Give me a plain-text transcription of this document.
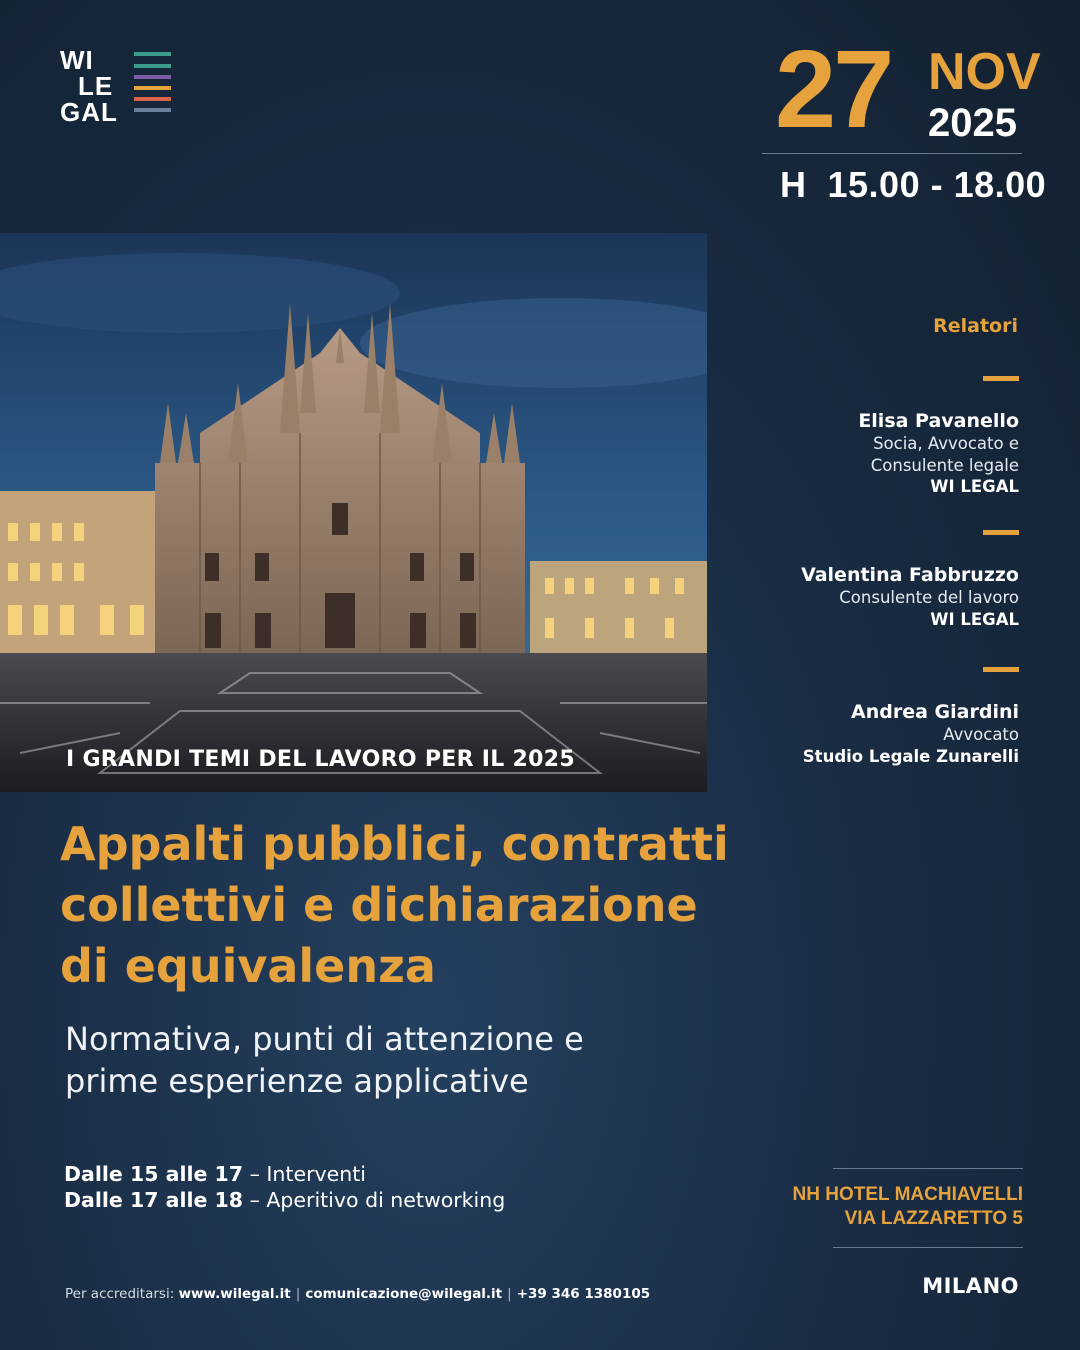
WI
LE
GAL	27 NOV
2025
H  15.00 - 18.00
I GRANDI TEMI DEL LAVORO PER IL 2025
Relatori
Elisa Pavanello
Socia, Avvocato e
Consulente legale
WI LEGAL
Valentina Fabbruzzo
Consulente del lavoro
WI LEGAL
Andrea Giardini
Avvocato
Studio Legale Zunarelli
Appalti pubblici, contratti
collettivi e dichiarazione
di equivalenza
Normativa, punti di attenzione e
prime esperienze applicative
Dalle 15 alle 17 – Interventi
Dalle 17 alle 18 – Aperitivo di networking	NH HOTEL MACHIAVELLI
VIA LAZZARETTO 5
MILANO
Per accreditarsi: www.wilegal.it | comunicazione@wilegal.it | +39 346 1380105
